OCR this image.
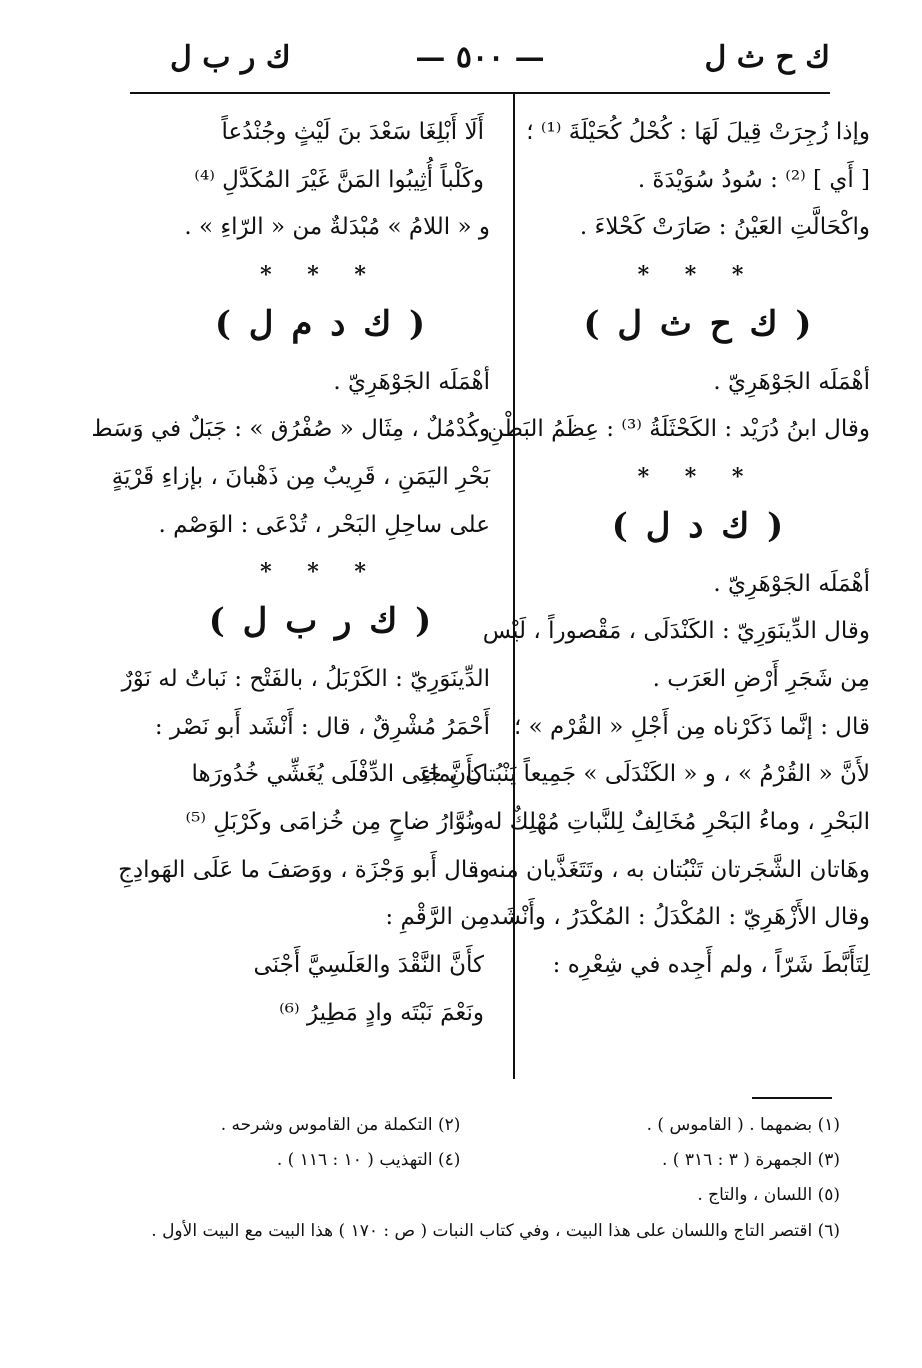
ك ح ث ل
— ٥٠٠ —
ك ر ب ل
وإذا زُجِرَتْ قِيلَ لَهَا : كُحْلُ كُحَيْلَةَ ⁽¹⁾ ؛
[ أَي ] ⁽²⁾ : سُودُ سُوَيْدَةَ .
واكْحَالَّتِ العَيْنُ : صَارَتْ كَحْلاءَ .
* * *
( ك ح ث ل )
أهْمَلَه الجَوْهَرِيّ .
وقال ابنُ دُرَيْد : الكَحْثَلَةُ ⁽³⁾ : عِظَمُ البَطْنِ .
* * *
( ك د ل )
أهْمَلَه الجَوْهَرِيّ .
وقال الدِّينَوَرِيّ : الكَنْدَلَى ، مَقْصوراً ، لَيْس
مِن شَجَرِ أَرْضِ العَرَب .
قال : إنَّما ذَكَرْناه مِن أَجْلِ « القُرْم » ؛
لأَنَّ « القُرْمُ » ، و « الكَنْدَلَى » جَمِيعاً يَنْبُتان بِماءِ
البَحْرِ ، وماءُ البَحْرِ مُخَالِفٌ لِلنَّباتِ مُهْلِكٌ له ،
وهَاتان الشَّجَرتان تَنْبُتان به ، وتَتَغَذَّيان منه .
وقال الأَزْهَرِيّ : المُكْدَلُ : المُكْدَرُ ، وأَنْشَد
لِتَأَبَّطَ شَرّاً ، ولم أَجِده في شِعْرِه :
أَلَا أَبْلِغَا سَعْدَ بنَ لَيْثٍ وجُنْدُعاً
وكَلْباً أُثِيبُوا المَنَّ غَيْرَ المُكَدَّلِ ⁽⁴⁾
و « اللامُ » مُبْدَلةٌ من « الرّاءِ » .
* * *
( ك د م ل )
أهْمَلَه الجَوْهَرِيّ .
وكُدْمُلٌ ، مِثَال « صُفْرُق » : جَبَلٌ في وَسَط
بَحْرِ اليَمَنِ ، قَرِيبٌ مِن ذَهْبانَ ، بإزاءِ قَرْيَةٍ
على ساحِلِ البَحْر ، تُدْعَى : الوَصْم .
* * *
( ك ر ب ل )
الدِّينَوَرِيّ : الكَرْبَلُ ، بالفَتْح : نَباتٌ له نَوْرٌ
أَحْمَرُ مُشْرِقٌ ، قال : أَنْشَد أَبو نَصْر :
كأَنَّ جَنَى الدِّفْلَى يُغَشِّي خُدُورَها
ونُوَّارُ ضاحٍ مِن خُزامَى وكَرْبَلِ ⁽⁵⁾
وقال أَبو وَجْزَة ، ووَصَفَ ما عَلَى الهَوادِجِ
مِن الرَّقْمِ :
كأَنَّ النَّقْدَ والعَلَسِيَّ أَجْنَى
ونَعْمَ نَبْتَه وادٍ مَطِيرُ ⁽⁶⁾
(١) بضمهما . ( القاموس ) .
(٢) التكملة من القاموس وشرحه .
(٣) الجمهرة ( ٣ : ٣١٦ ) .
(٤) التهذيب ( ١٠ : ١١٦ ) .
(٥) اللسان ، والتاج .
(٦) اقتصر التاج واللسان على هذا البيت ، وفي كتاب النبات ( ص : ١٧٠ ) هذا البيت مع البيت الأول .
